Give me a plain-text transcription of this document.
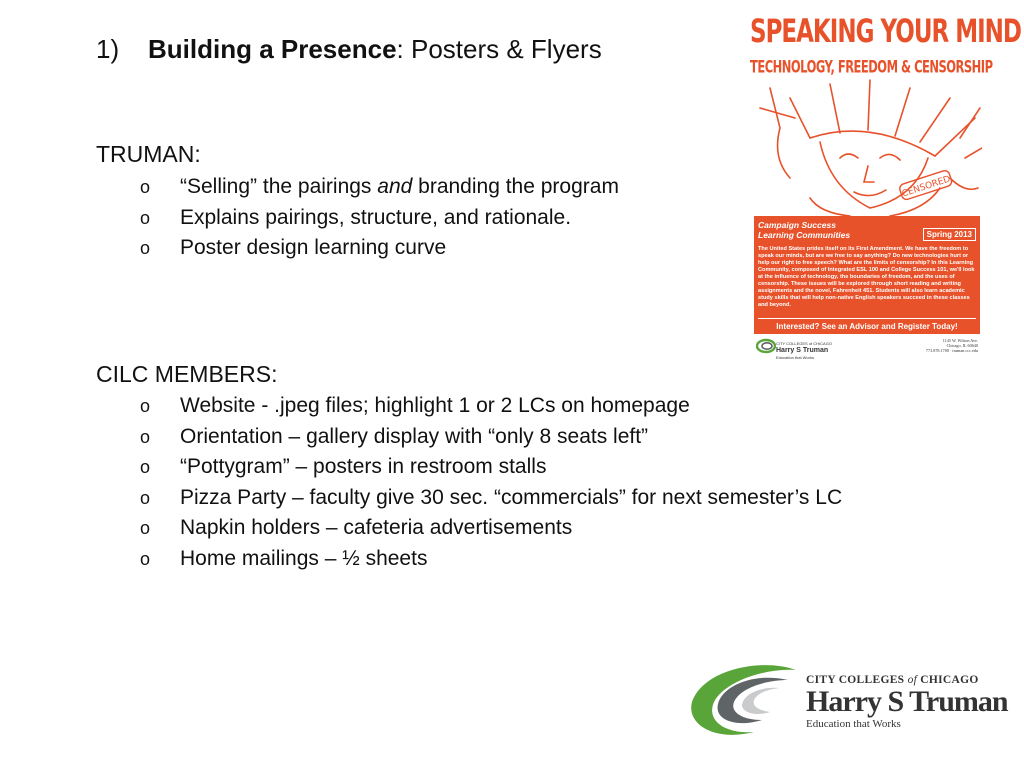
1) Building a Presence: Posters & Flyers
TRUMAN:
o “Selling” the pairings and branding the program
o Explains pairings, structure, and rationale.
o Poster design learning curve
CILC MEMBERS:
o Website - .jpeg files; highlight 1 or 2 LCs on homepage
o Orientation – gallery display with “only 8 seats left”
o “Pottygram” – posters in restroom stalls
o Pizza Party – faculty give 30 sec. “commercials” for next semester’s LC
o Napkin holders – cafeteria advertisements
o Home mailings – ½ sheets
SPEAKING YOUR MIND
TECHNOLOGY, FREEDOM & CENSORSHIP
CENSORED
Campaign Success
Learning Communities	Spring 2013
The United States prides itself on its First Amendment. We have the freedom to speak our minds, but are we free to say anything? Do new technologies hurt or help our right to free speech? What are the limits of censorship? In this Learning Community, composed of Integrated ESL 100 and College Success 101, we'll look at the influence of technology, the boundaries of freedom, and the uses of censorship. These issues will be explored through short reading and writing assignments and the novel, Fahrenheit 451. Students will also learn academic study skills that will help non-native English speakers succeed in these classes and beyond.
Interested? See an Advisor and Register Today!
CITY COLLEGES of CHICAGO
Harry S Truman
Education that Works
1145 W. Wilson Ave.
Chicago, IL 60640
773.878.1700 · truman.ccc.edu
CITY COLLEGES of CHICAGO
Harry S Truman
Education that Works
